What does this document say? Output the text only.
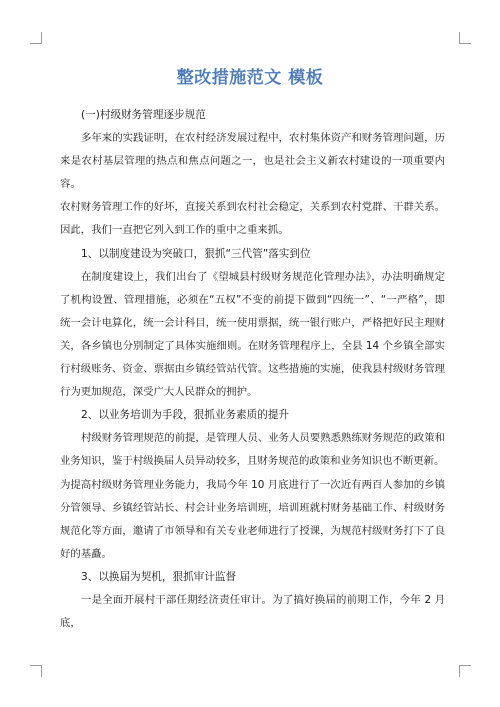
整改措施范文 模板

(一)村级财务管理逐步规范

多年来的实践证明，在农村经济发展过程中，农村集体资产和财务管理问题，历来是农村基层管理的热点和焦点问题之一，也是社会主义新农村建设的一项重要内容。

农村财务管理工作的好坏，直接关系到农村社会稳定，关系到农村党群、干群关系。因此，我们一直把它列入到工作的重中之重来抓。

1、以制度建设为突破口，狠抓“三代管”落实到位

在制度建设上，我们出台了《望城县村级财务规范化管理办法》，办法明确规定了机构设置、管理措施，必须在“五权”不变的前提下做到“四统一”、“一严格”，即统一会计电算化，统一会计科目，统一使用票据，统一银行账户，严格把好民主理财关，各乡镇也分别制定了具体实施细则。在财务管理程序上，全县 14 个乡镇全部实行村级账务、资金、票据由乡镇经管站代管。这些措施的实施，使我县村级财务管理行为更加规范，深受广大人民群众的拥护。

2、以业务培训为手段，狠抓业务素质的提升

村级财务管理规范的前提，是管理人员、业务人员要熟悉熟练财务规范的政策和业务知识，鉴于村级换届人员异动较多，且财务规范的政策和业务知识也不断更新。

为提高村级财务管理业务能力，我局今年 10 月底进行了一次近有两百人参加的乡镇分管领导、乡镇经管站长、村会计业务培训班，培训班就村财务基础工作、村级财务规范化等方面，邀请了市领导和有关专业老师进行了授课，为规范村级财务打下了良好的基矗。

3、以换届为契机，狠抓审计监督

一是全面开展村干部任期经济责任审计。为了搞好换届的前期工作，今年 2 月底，
